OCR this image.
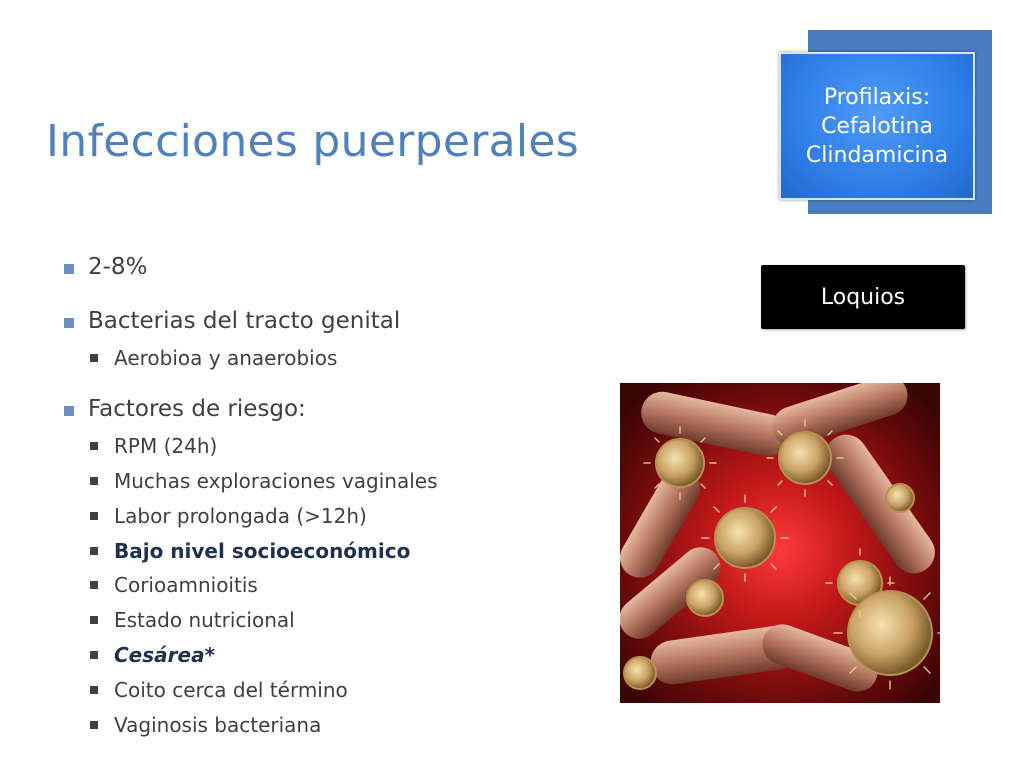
Infecciones puerperales
Profilaxis:
Cefalotina
Clindamicina
Loquios
2-8%
Bacterias del tracto genital
Aerobioa y anaerobios
Factores de riesgo:
RPM (24h)
Muchas exploraciones vaginales
Labor prolongada (>12h)
Bajo nivel socioeconómico
Corioamnioitis
Estado nutricional
Cesárea*
Coito cerca del término
Vaginosis bacteriana
